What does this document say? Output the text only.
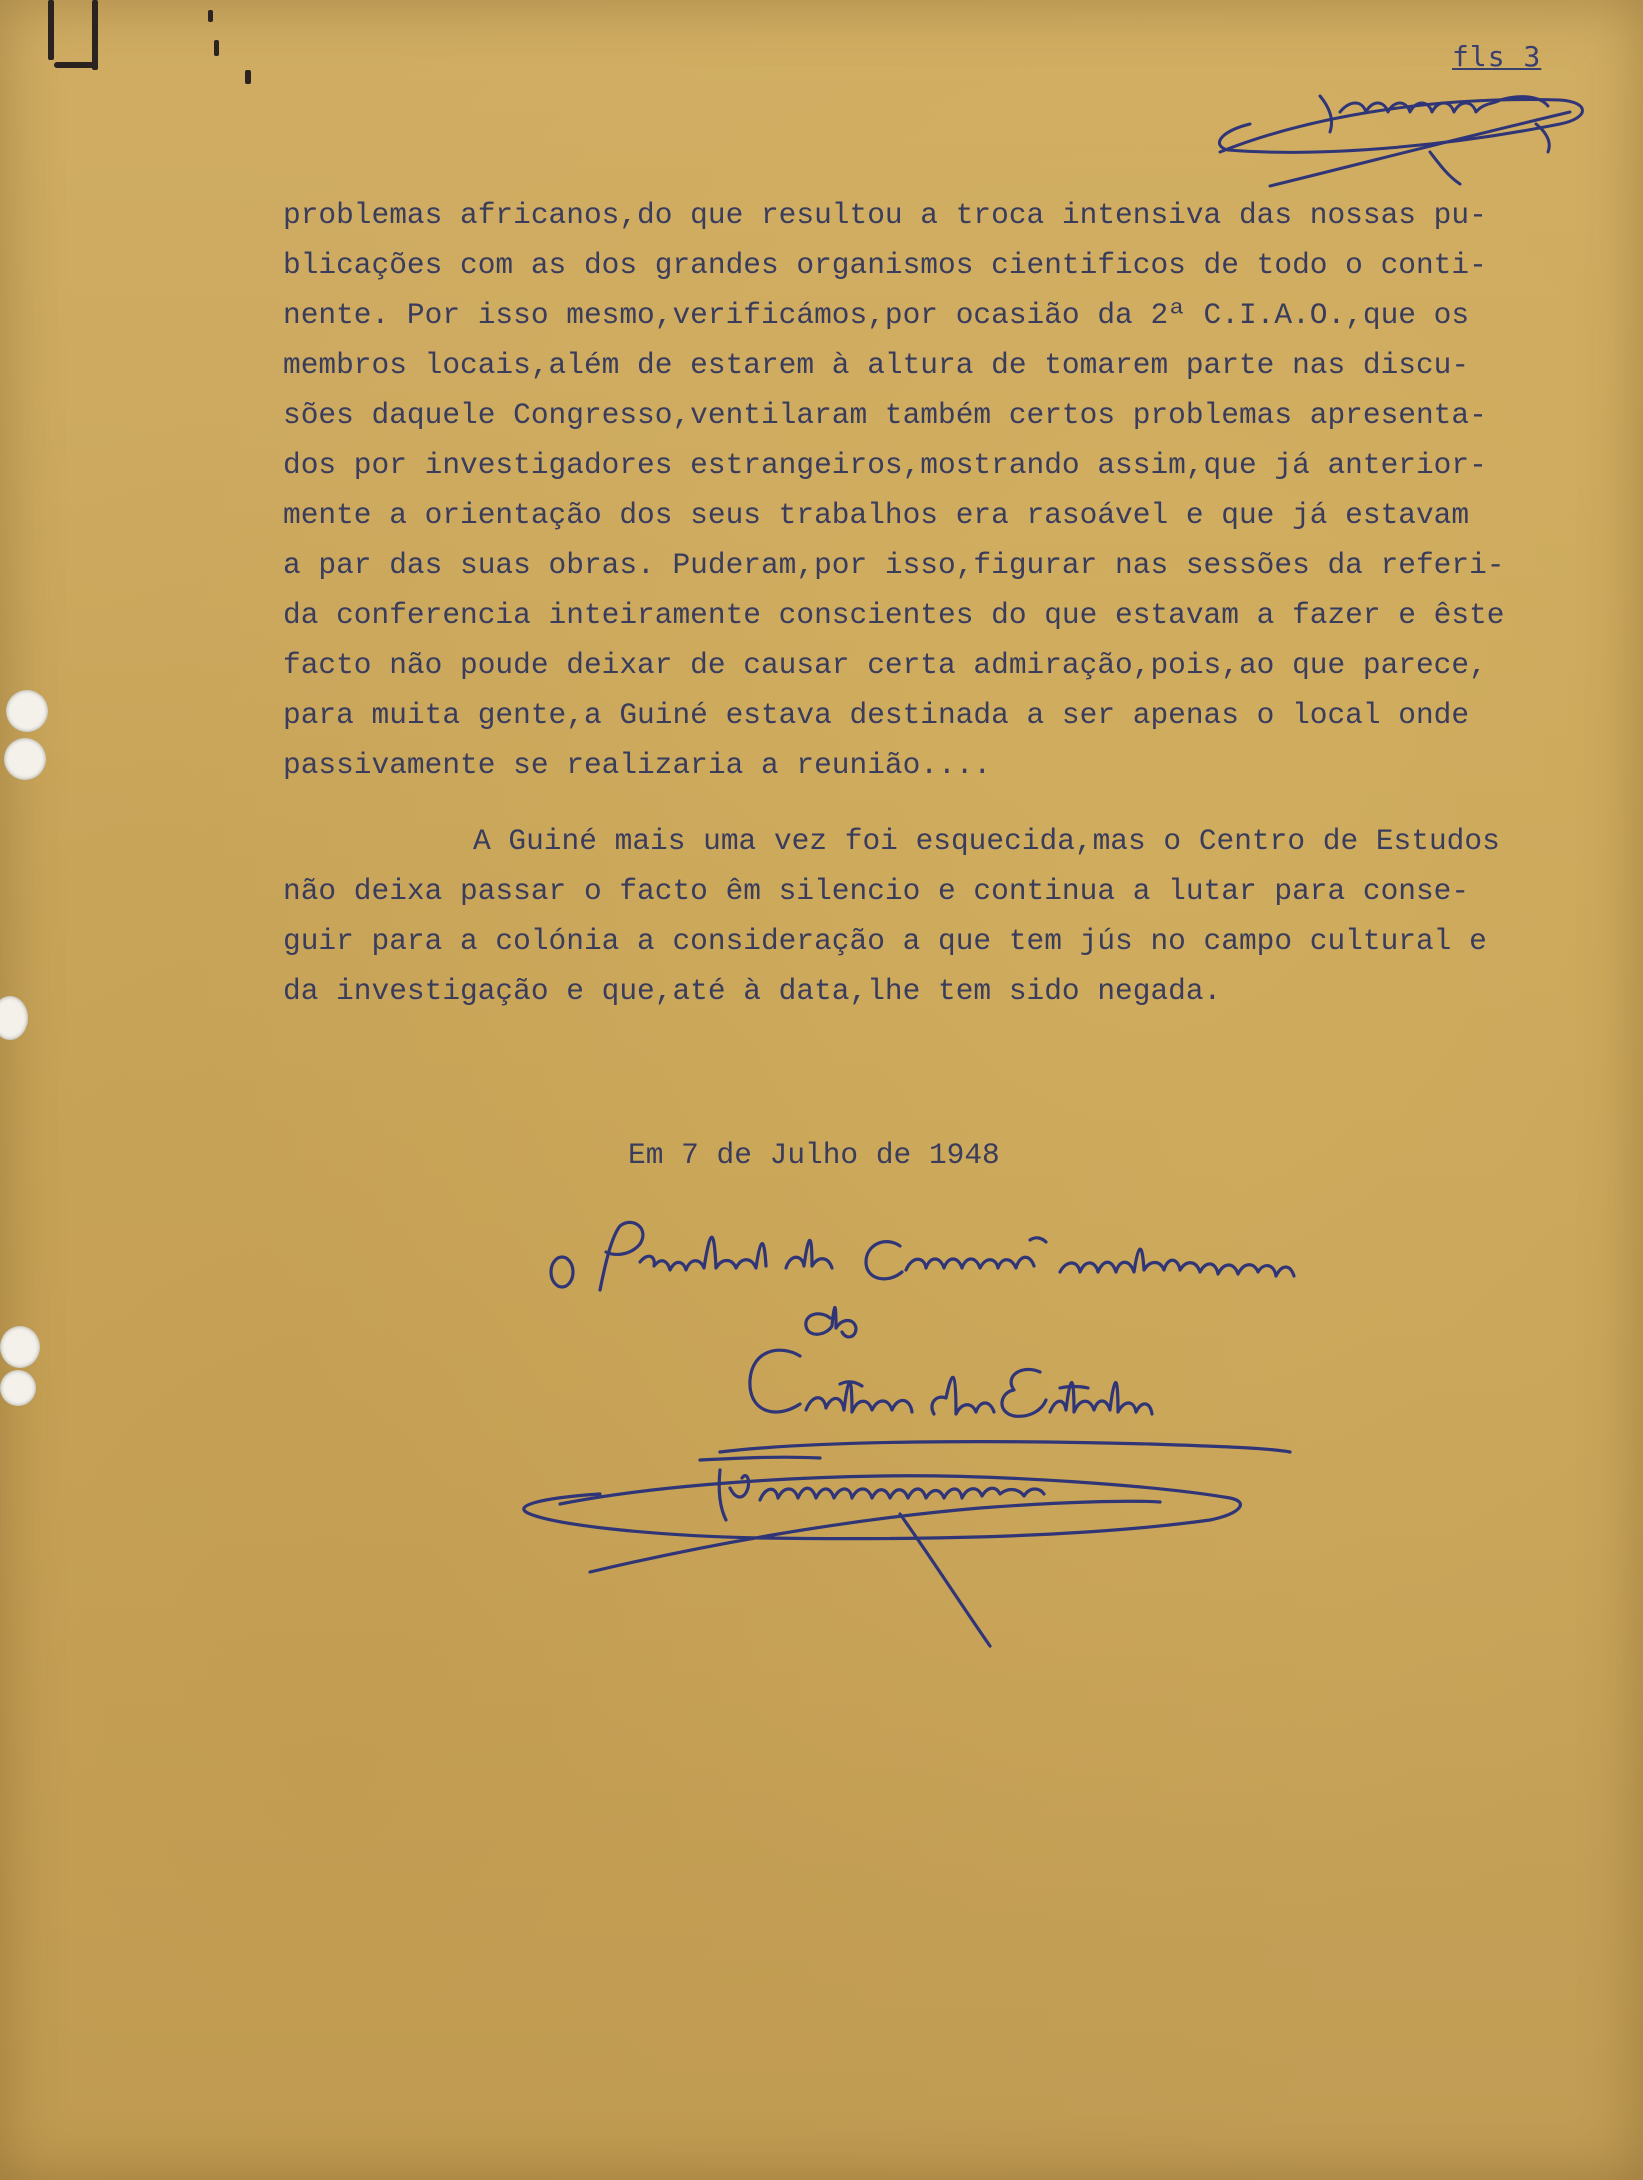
fls 3
problemas africanos,do que resultou a troca intensiva das nossas pu-
blicações com as dos grandes organismos cientificos de todo o conti-
nente. Por isso mesmo,verificámos,por ocasião da 2ª C.I.A.O.,que os
membros locais,além de estarem à altura de tomarem parte nas discu-
sões daquele Congresso,ventilaram também certos problemas apresenta-
dos por investigadores estrangeiros,mostrando assim,que já anterior-
mente a orientação dos seus trabalhos era rasoável e que já estavam
a par das suas obras. Puderam,por isso,figurar nas sessões da referi-
da conferencia inteiramente conscientes do que estavam a fazer e êste
facto não poude deixar de causar certa admiração,pois,ao que parece,
para muita gente,a Guiné estava destinada a ser apenas o local onde
passivamente se realizaria a reunião....
A Guiné mais uma vez foi esquecida,mas o Centro de Estudos
não deixa passar o facto êm silencio e continua a lutar para conse-
guir para a colónia a consideração a que tem jús no campo cultural e
da investigação e que,até à data,lhe tem sido negada.
Em 7 de Julho de 1948
